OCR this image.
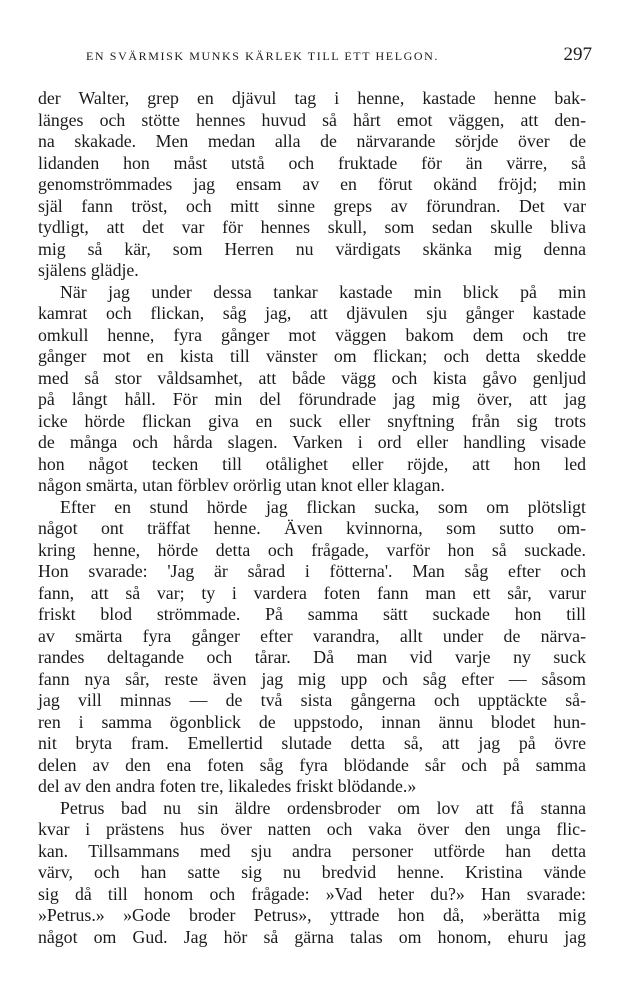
EN SVÄRMISK MUNKS KÄRLEK TILL ETT HELGON.	297
der Walter, grep en djävul tag i henne, kastade henne bak-
länges och stötte hennes huvud så hårt emot väggen, att den-
na skakade. Men medan alla de närvarande sörjde över de
lidanden hon måst utstå och fruktade för än värre, så
genomströmmades jag ensam av en förut okänd fröjd; min
själ fann tröst, och mitt sinne greps av förundran. Det var
tydligt, att det var för hennes skull, som sedan skulle bliva
mig så kär, som Herren nu värdigats skänka mig denna
själens glädje.
När jag under dessa tankar kastade min blick på min
kamrat och flickan, såg jag, att djävulen sju gånger kastade
omkull henne, fyra gånger mot väggen bakom dem och tre
gånger mot en kista till vänster om flickan; och detta skedde
med så stor våldsamhet, att både vägg och kista gåvo genljud
på långt håll. För min del förundrade jag mig över, att jag
icke hörde flickan giva en suck eller snyftning från sig trots
de många och hårda slagen. Varken i ord eller handling visade
hon något tecken till otålighet eller röjde, att hon led
någon smärta, utan förblev orörlig utan knot eller klagan.
Efter en stund hörde jag flickan sucka, som om plötsligt
något ont träffat henne. Även kvinnorna, som sutto om-
kring henne, hörde detta och frågade, varför hon så suckade.
Hon svarade: 'Jag är sårad i fötterna'. Man såg efter och
fann, att så var; ty i vardera foten fann man ett sår, varur
friskt blod strömmade. På samma sätt suckade hon till
av smärta fyra gånger efter varandra, allt under de närva-
randes deltagande och tårar. Då man vid varje ny suck
fann nya sår, reste även jag mig upp och såg efter — såsom
jag vill minnas — de två sista gångerna och upptäckte så-
ren i samma ögonblick de uppstodo, innan ännu blodet hun-
nit bryta fram. Emellertid slutade detta så, att jag på övre
delen av den ena foten såg fyra blödande sår och på samma
del av den andra foten tre, likaledes friskt blödande.»
Petrus bad nu sin äldre ordensbroder om lov att få stanna
kvar i prästens hus över natten och vaka över den unga flic-
kan. Tillsammans med sju andra personer utförde han detta
värv, och han satte sig nu bredvid henne. Kristina vände
sig då till honom och frågade: »Vad heter du?» Han svarade:
»Petrus.» »Gode broder Petrus», yttrade hon då, »berätta mig
något om Gud. Jag hör så gärna talas om honom, ehuru jag
